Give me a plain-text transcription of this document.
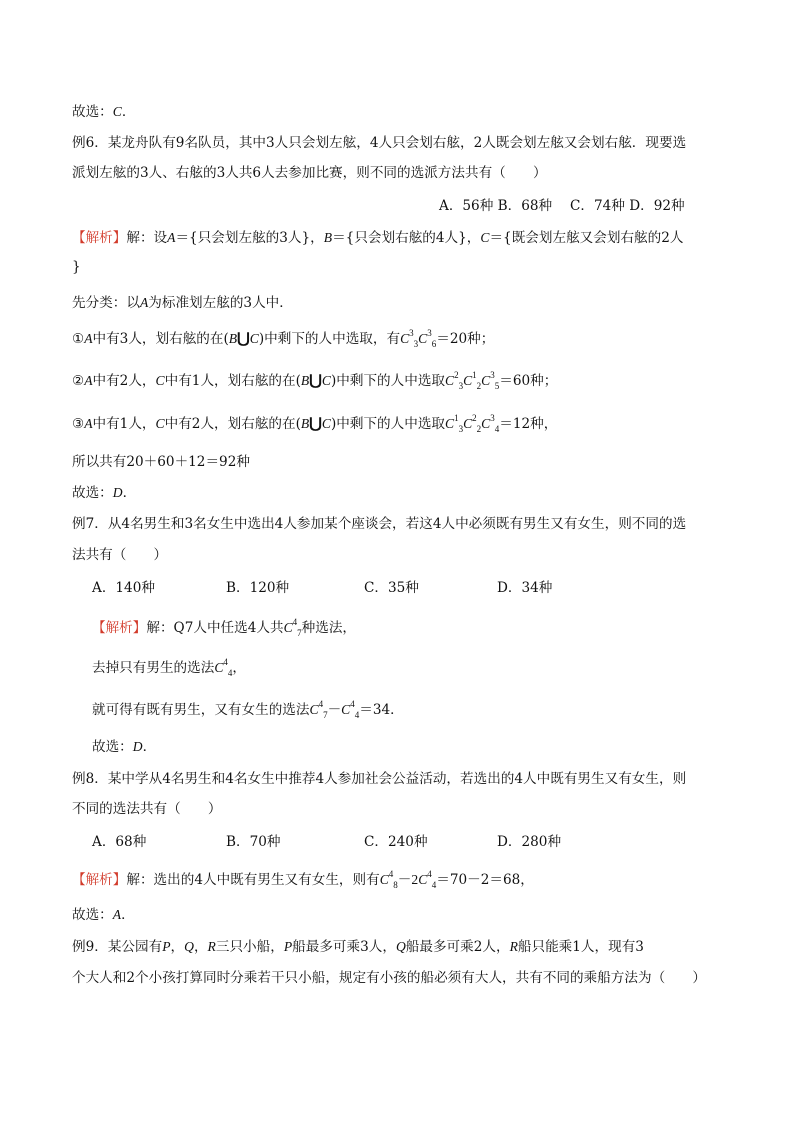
故选：C．
例6．某龙舟队有9名队员，其中3人只会划左舷，4人只会划右舷，2人既会划左舷又会划右舷．现要选
派划左舷的3人、右舷的3人共6人去参加比赛，则不同的选派方法共有（　　）
A．56种 B．68种　 C．74种 D．92种
【解析】解：设A＝{只会划左舷的3人}，B＝{只会划右舷的4人}，C＝{既会划左舷又会划右舷的2人
}
先分类：以A为标准划左舷的3人中．
①A中有3人，划右舷的在(B⋃C)中剩下的人中选取，有$C^3_3C^3_6=20$种；
②A中有2人，C中有1人，划右舷的在(B⋃C)中剩下的人中选取$C^2_3C^1_2C^3_5=60$种；
③A中有1人，C中有2人，划右舷的在(B⋃C)中剩下的人中选取$C^1_3C^2_2C^3_4=12$种，
所以共有20＋60＋12＝92种
故选：D．
例7．从4名男生和3名女生中选出4人参加某个座谈会，若这4人中必须既有男生又有女生，则不同的选
法共有（　　）
A．140种	B．120种	C．35种	D．34种
【解析】解：Q7人中任选4人共$C^4_7$种选法，
去掉只有男生的选法$C^4_4$，
就可得有既有男生，又有女生的选法$C^4_7-C^4_4=34$．
故选：D．
例8．某中学从4名男生和4名女生中推荐4人参加社会公益活动，若选出的4人中既有男生又有女生，则
不同的选法共有（　　）
A．68种	B．70种	C．240种	D．280种
【解析】解：选出的4人中既有男生又有女生，则有$C^4_8-2C^4_4=70-2=68$，
故选：A．
例9．某公园有P，Q，R三只小船，P船最多可乘3人，Q船最多可乘2人，R船只能乘1人，现有3
个大人和2个小孩打算同时分乘若干只小船，规定有小孩的船必须有大人，共有不同的乘船方法为（　　）
